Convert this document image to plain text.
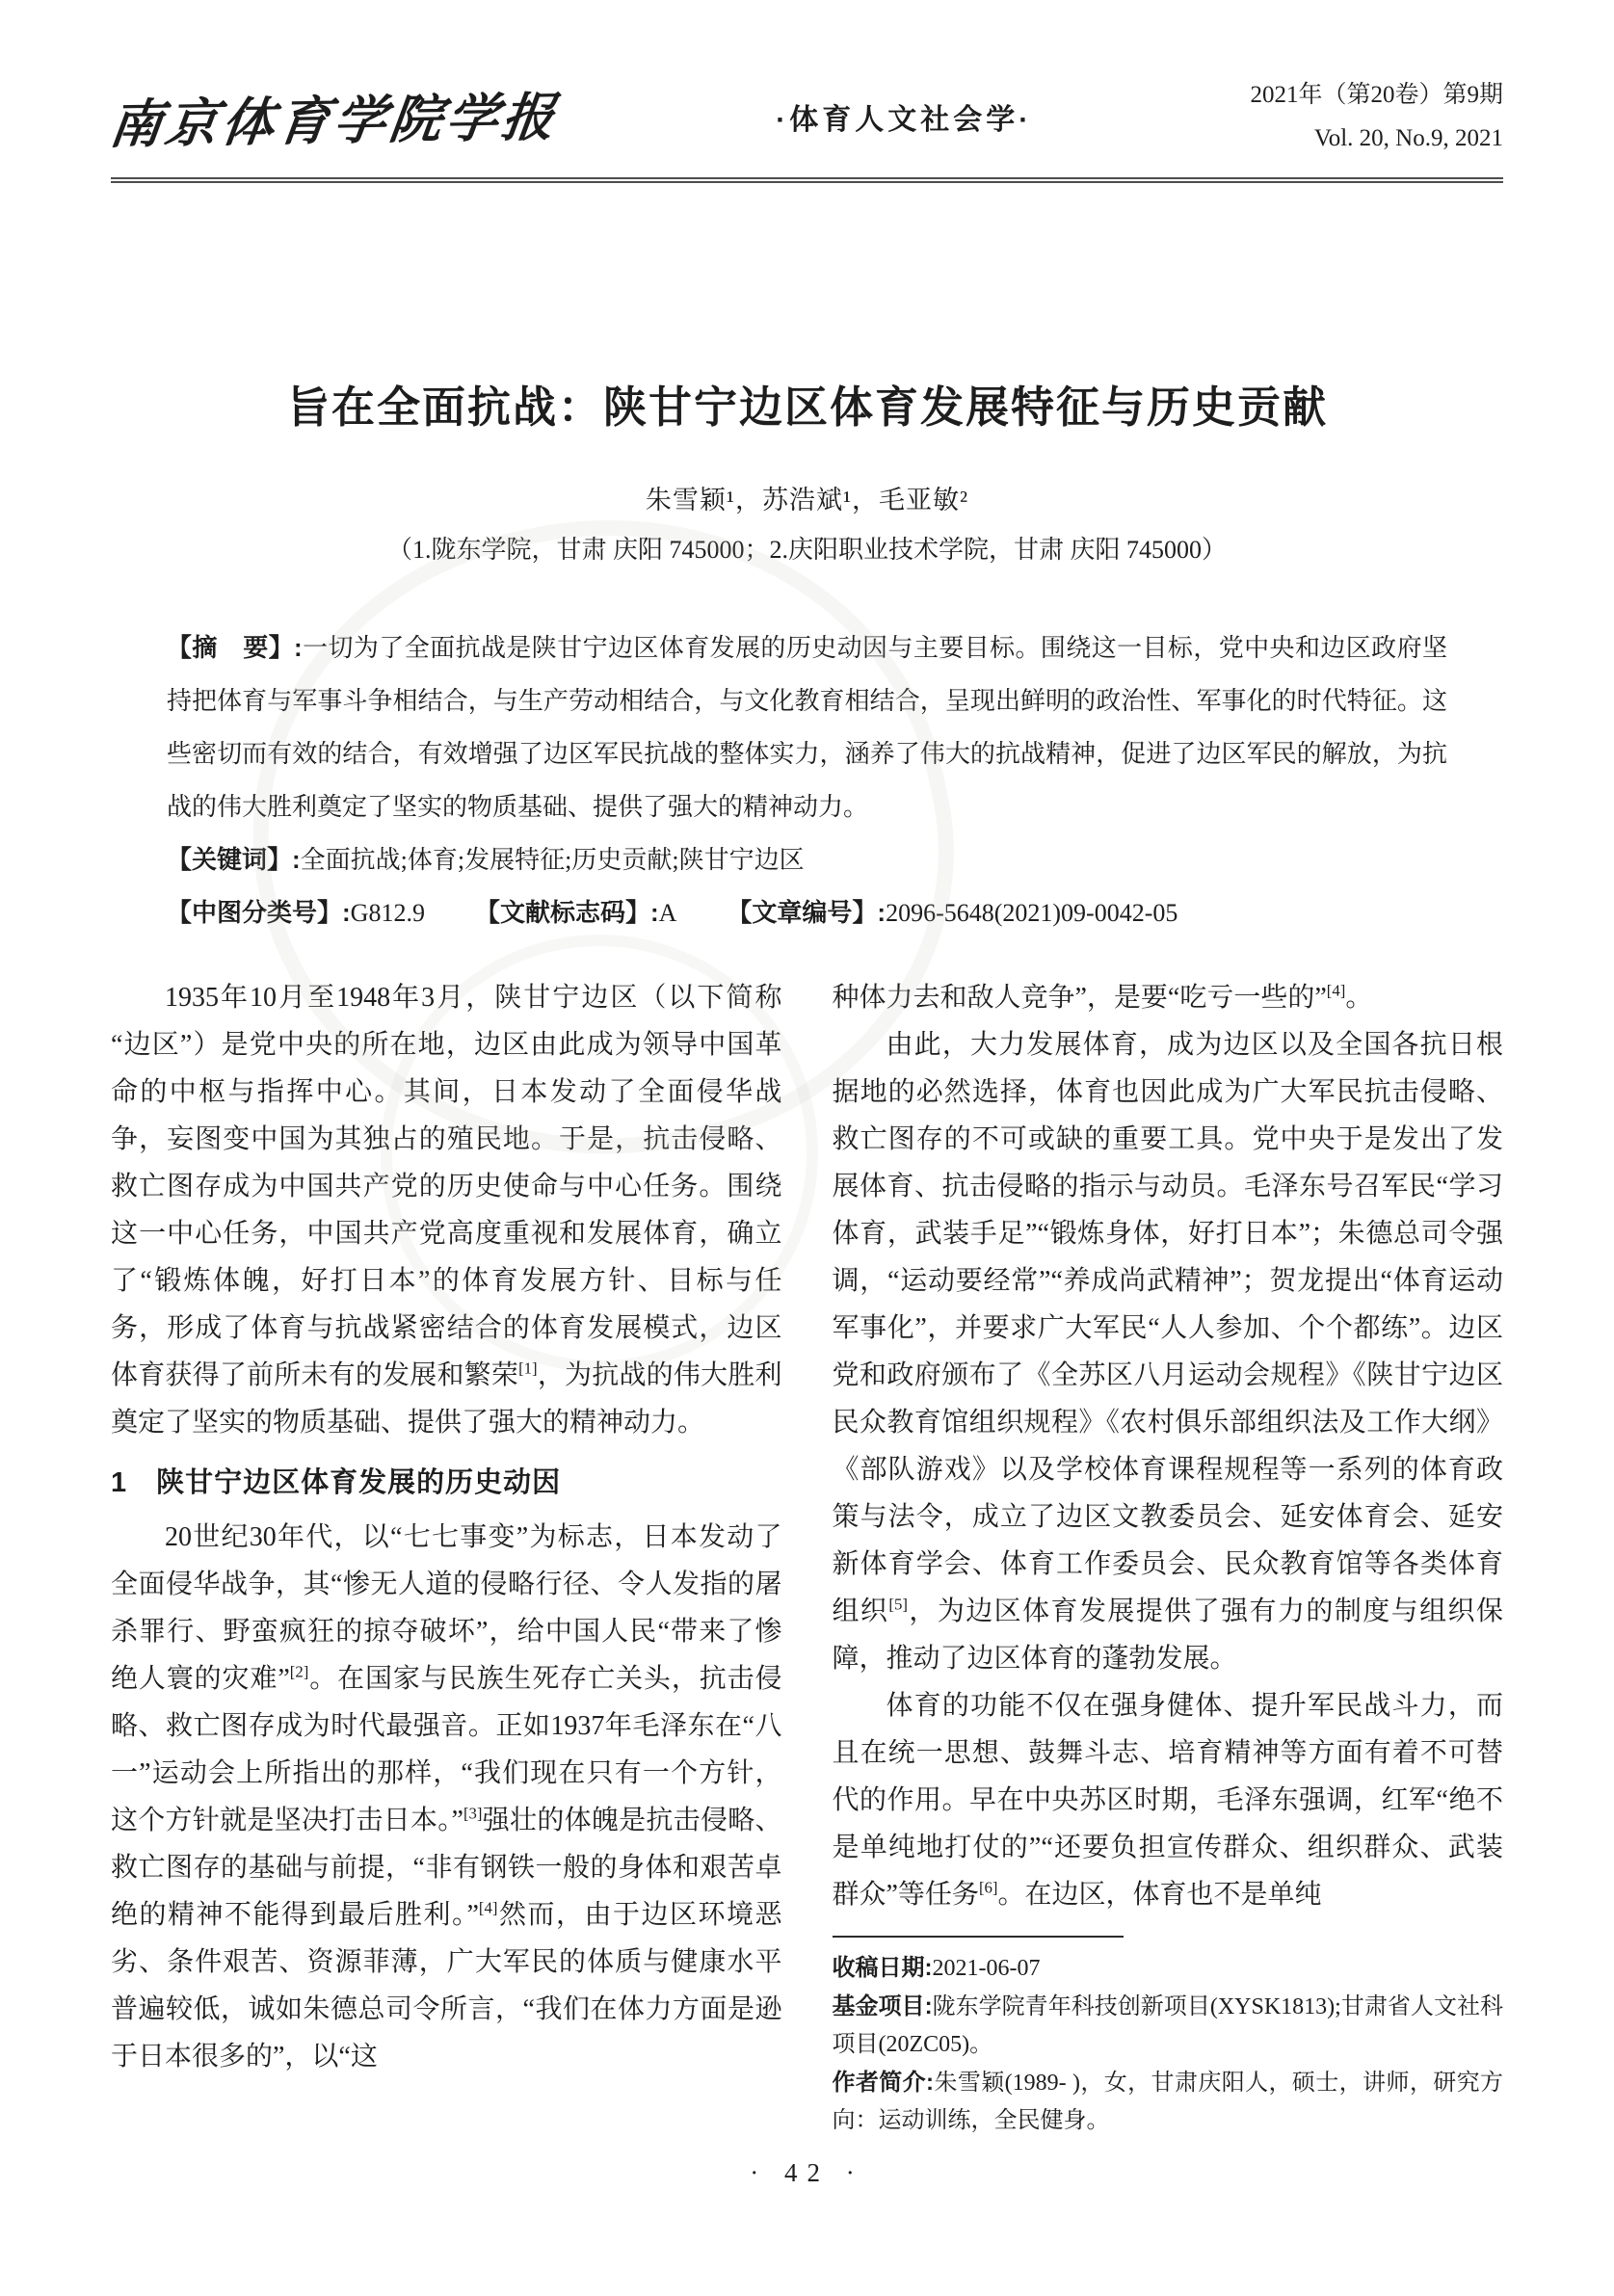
南京体育学院学报	·体育人文社会学·
2021年（第20卷）第9期
Vol. 20, No.9, 2021
旨在全面抗战：陕甘宁边区体育发展特征与历史贡献
朱雪颖¹，苏浩斌¹，毛亚敏²
（1.陇东学院，甘肃 庆阳 745000；2.庆阳职业技术学院，甘肃 庆阳 745000）
【摘　要】:一切为了全面抗战是陕甘宁边区体育发展的历史动因与主要目标。围绕这一目标，党中央和边区政府坚持把体育与军事斗争相结合，与生产劳动相结合，与文化教育相结合，呈现出鲜明的政治性、军事化的时代特征。这些密切而有效的结合，有效增强了边区军民抗战的整体实力，涵养了伟大的抗战精神，促进了边区军民的解放，为抗战的伟大胜利奠定了坚实的物质基础、提供了强大的精神动力。
【关键词】:全面抗战;体育;发展特征;历史贡献;陕甘宁边区
【中图分类号】:G812.9 【文献标志码】:A 【文章编号】:2096-5648(2021)09-0042-05

1935年10月至1948年3月，陕甘宁边区（以下简称“边区”）是党中央的所在地，边区由此成为领导中国革命的中枢与指挥中心。其间，日本发动了全面侵华战争，妄图变中国为其独占的殖民地。于是，抗击侵略、救亡图存成为中国共产党的历史使命与中心任务。围绕这一中心任务，中国共产党高度重视和发展体育，确立了“锻炼体魄，好打日本”的体育发展方针、目标与任务，形成了体育与抗战紧密结合的体育发展模式，边区体育获得了前所未有的发展和繁荣[1]，为抗战的伟大胜利奠定了坚实的物质基础、提供了强大的精神动力。

1　陕甘宁边区体育发展的历史动因

20世纪30年代，以“七七事变”为标志，日本发动了全面侵华战争，其“惨无人道的侵略行径、令人发指的屠杀罪行、野蛮疯狂的掠夺破坏”，给中国人民“带来了惨绝人寰的灾难”[2]。在国家与民族生死存亡关头，抗击侵略、救亡图存成为时代最强音。正如1937年毛泽东在“八一”运动会上所指出的那样，“我们现在只有一个方针，这个方针就是坚决打击日本。”[3]强壮的体魄是抗击侵略、救亡图存的基础与前提，“非有钢铁一般的身体和艰苦卓绝的精神不能得到最后胜利。”[4]然而，由于边区环境恶劣、条件艰苦、资源菲薄，广大军民的体质与健康水平普遍较低，诚如朱德总司令所言，“我们在体力方面是逊于日本很多的”，以“这

种体力去和敌人竞争”，是要“吃亏一些的”[4]。

由此，大力发展体育，成为边区以及全国各抗日根据地的必然选择，体育也因此成为广大军民抗击侵略、救亡图存的不可或缺的重要工具。党中央于是发出了发展体育、抗击侵略的指示与动员。毛泽东号召军民“学习体育，武装手足”“锻炼身体，好打日本”；朱德总司令强调，“运动要经常”“养成尚武精神”；贺龙提出“体育运动军事化”，并要求广大军民“人人参加、个个都练”。边区党和政府颁布了《全苏区八月运动会规程》《陕甘宁边区民众教育馆组织规程》《农村俱乐部组织法及工作大纲》《部队游戏》以及学校体育课程规程等一系列的体育政策与法令，成立了边区文教委员会、延安体育会、延安新体育学会、体育工作委员会、民众教育馆等各类体育组织[5]，为边区体育发展提供了强有力的制度与组织保障，推动了边区体育的蓬勃发展。

体育的功能不仅在强身健体、提升军民战斗力，而且在统一思想、鼓舞斗志、培育精神等方面有着不可替代的作用。早在中央苏区时期，毛泽东强调，红军“绝不是单纯地打仗的”“还要负担宣传群众、组织群众、武装群众”等任务[6]。在边区，体育也不是单纯

收稿日期:2021-06-07

基金项目:陇东学院青年科技创新项目(XYSK1813);甘肃省人文社科项目(20ZC05)。

作者简介:朱雪颖(1989- )，女，甘肃庆阳人，硕士，讲师，研究方向：运动训练，全民健身。

· 42 ·
